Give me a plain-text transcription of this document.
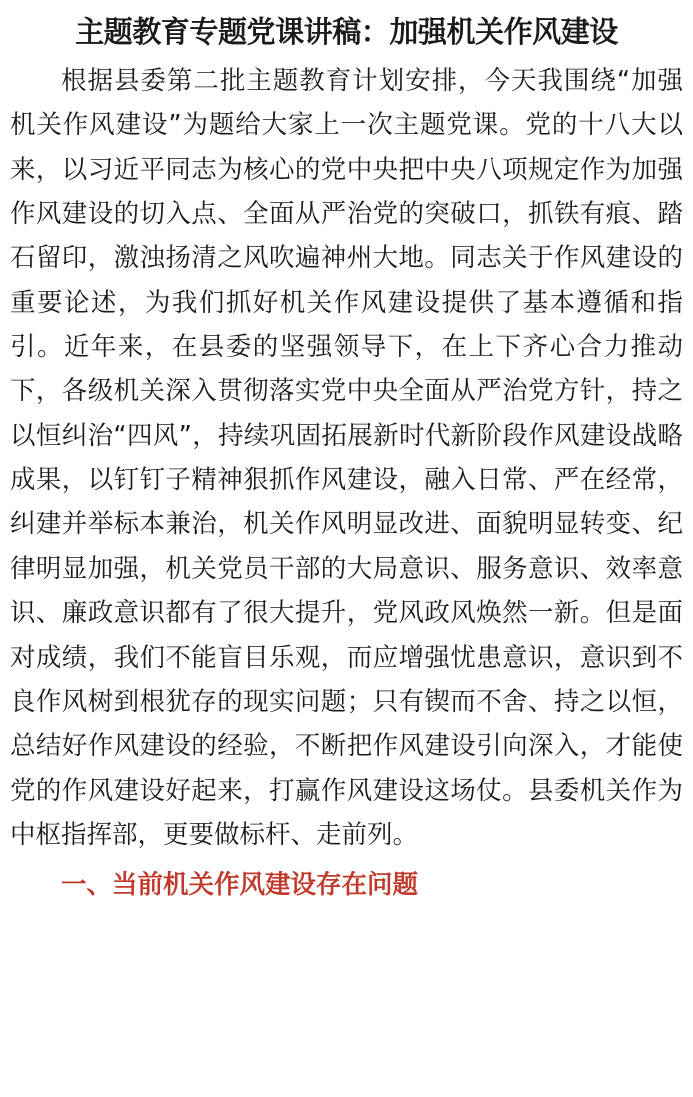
主题教育专题党课讲稿：加强机关作风建设

根据县委第二批主题教育计划安排，今天我围绕“加强机关作风建设”为题给大家上一次主题党课。党的十八大以来，以习近平同志为核心的党中央把中央八项规定作为加强作风建设的切入点、全面从严治党的突破口，抓铁有痕、踏石留印，激浊扬清之风吹遍神州大地。同志关于作风建设的重要论述，为我们抓好机关作风建设提供了基本遵循和指引。近年来，在县委的坚强领导下，在上下齐心合力推动下，各级机关深入贯彻落实党中央全面从严治党方针，持之以恒纠治“四风”，持续巩固拓展新时代新阶段作风建设战略成果，以钉钉子精神狠抓作风建设，融入日常、严在经常，纠建并举标本兼治，机关作风明显改进、面貌明显转变、纪律明显加强，机关党员干部的大局意识、服务意识、效率意识、廉政意识都有了很大提升，党风政风焕然一新。但是面对成绩，我们不能盲目乐观，而应增强忧患意识，意识到不良作风树到根犹存的现实问题；只有锲而不舍、持之以恒，总结好作风建设的经验，不断把作风建设引向深入，才能使党的作风建设好起来，打赢作风建设这场仗。县委机关作为中枢指挥部，更要做标杆、走前列。

一、当前机关作风建设存在问题
